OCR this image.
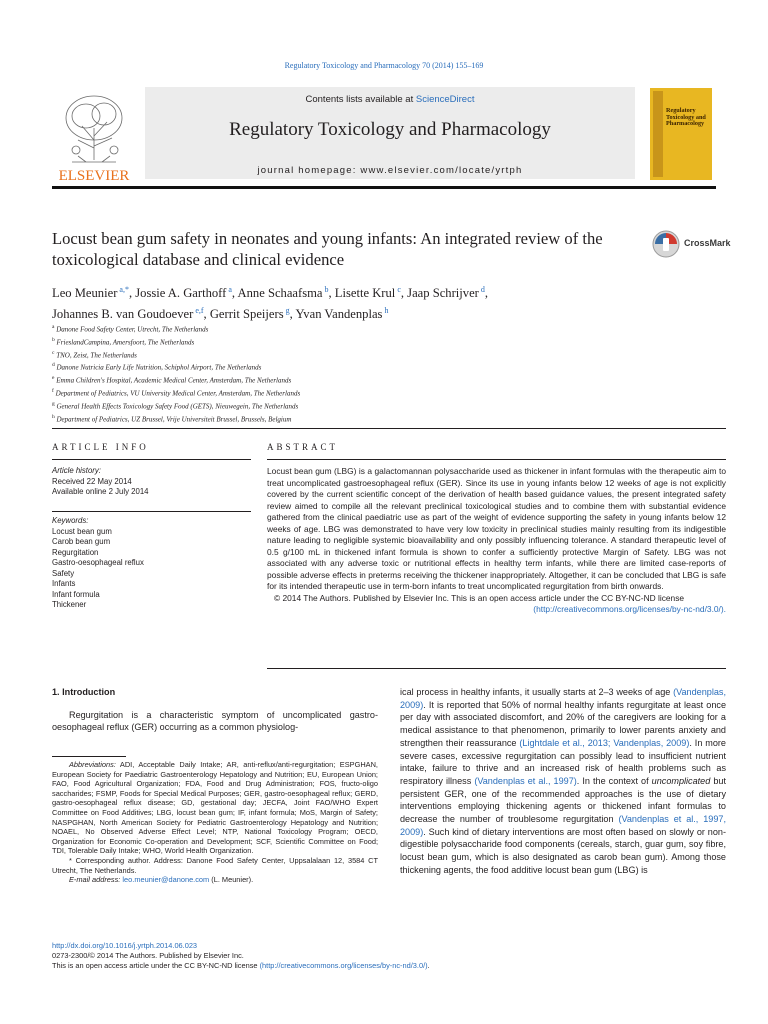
Regulatory Toxicology and Pharmacology 70 (2014) 155–169
ELSEVIER
Contents lists available at ScienceDirect
Regulatory Toxicology and Pharmacology
journal homepage: www.elsevier.com/locate/yrtph
Regulatory
Toxicology and
Pharmacology
Locust bean gum safety in neonates and young infants: An integrated review of the toxicological database and clinical evidence
CrossMark
Leo Meunier $^{a,*}$, Jossie A. Garthoff $^a$, Anne Schaafsma $^b$, Lisette Krul $^c$, Jaap Schrijver $^d$,
Johannes B. van Goudoever $^{e,f}$, Gerrit Speijers $^g$, Yvan Vandenplas $^h$
$^a$ Danone Food Safety Center, Utrecht, The Netherlands
$^b$ FrieslandCampina, Amersfoort, The Netherlands
$^c$ TNO, Zeist, The Netherlands
$^d$ Danone Nutricia Early Life Nutrition, Schiphol Airport, The Netherlands
$^e$ Emma Children's Hospital, Academic Medical Center, Amsterdam, The Netherlands
$^f$ Department of Pediatrics, VU University Medical Center, Amsterdam, The Netherlands
$^g$ General Health Effects Toxicology Safety Food (GETS), Nieuwegein, The Netherlands
$^h$ Department of Pediatrics, UZ Brussel, Vrije Universiteit Brussel, Brussels, Belgium
ARTICLE INFO	ABSTRACT
Article history:
Received 22 May 2014
Available online 2 July 2014
Keywords:
Locust bean gum
Carob bean gum
Regurgitation
Gastro-oesophageal reflux
Safety
Infants
Infant formula
Thickener
Locust bean gum (LBG) is a galactomannan polysaccharide used as thickener in infant formulas with the therapeutic aim to treat uncomplicated gastroesophageal reflux (GER). Since its use in young infants below 12 weeks of age is not explicitly covered by the current scientific concept of the derivation of health based guidance values, the present integrated safety review aimed to compile all the relevant preclinical toxicological studies and to combine them with substantial evidence gathered from the clinical paediatric use as part of the weight of evidence supporting the safety in young infants below 12 weeks of age. LBG was demonstrated to have very low toxicity in preclinical studies mainly resulting from its indigestible nature leading to negligible systemic bioavailability and only possibly influencing tolerance. A standard therapeutic level of 0.5 g/100 mL in thickened infant formula is shown to confer a sufficiently protective Margin of Safety. LBG was not associated with any adverse toxic or nutritional effects in healthy term infants, while there are limited case-reports of possible adverse effects in preterms receiving the thickener inappropriately. Altogether, it can be concluded that LBG is safe for its intended therapeutic use in term-born infants to treat uncomplicated regurgitation from birth onwards.
© 2014 The Authors. Published by Elsevier Inc. This is an open access article under the CC BY-NC-ND license
(http://creativecommons.org/licenses/by-nc-nd/3.0/).
1. Introduction

Regurgitation is a characteristic symptom of uncomplicated gastro-oesophageal reflux (GER) occurring as a common physiolog-

Abbreviations: ADI, Acceptable Daily Intake; AR, anti-reflux/anti-regurgitation; ESPGHAN, European Society for Paediatric Gastroenterology Hepatology and Nutrition; EU, European Union; FAO, Food Agricultural Organization; FDA, Food and Drug Administration; FOS, fructo-oligo saccharides; FSMP, Foods for Special Medical Purposes; GER, gastro-oesophageal reflux; GERD, gastro-oesophageal reflux disease; GD, gestational day; JECFA, Joint FAO/WHO Expert Committee on Food Additives; LBG, locust bean gum; IF, infant formula; MoS, Margin of Safety; NASPGHAN, North American Society for Pediatric Gastroenterology Hepatology and Nutrition; NOAEL, No Observed Adverse Effect Level; NTP, National Toxicology Program; OECD, Organization for Economic Co-operation and Development; SCF, Scientific Committee on Food; TDI, Tolerable Daily Intake; WHO, World Health Organization.

* Corresponding author. Address: Danone Food Safety Center, Uppsalalaan 12, 3584 CT Utrecht, The Netherlands.

E-mail address: leo.meunier@danone.com (L. Meunier).

ical process in healthy infants, it usually starts at 2–3 weeks of age (Vandenplas, 2009). It is reported that 50% of normal healthy infants regurgitate at least once per day with associated discomfort, and 20% of the caregivers are looking for a medical assistance to that phenomenon, primarily to lower parents anxiety and strengthen their reassurance (Lightdale et al., 2013; Vandenplas, 2009). In more severe cases, excessive regurgitation can possibly lead to insufficient nutrient intake, failure to thrive and an increased risk of health problems such as respiratory illness (Vandenplas et al., 1997). In the context of uncomplicated but persistent GER, one of the recommended approaches is the use of dietary interventions employing thickening agents or thickened infant formulas to decrease the number of troublesome regurgitation (Vandenplas et al., 1997, 2009). Such kind of dietary interventions are most often based on slowly or non-digestible polysaccharide food components (cereals, starch, guar gum, soy fibre, locust bean gum, which is also designated as carob bean gum). Among those thickening agents, the food additive locust bean gum (LBG) is

http://dx.doi.org/10.1016/j.yrtph.2014.06.023
0273-2300/© 2014 The Authors. Published by Elsevier Inc.
This is an open access article under the CC BY-NC-ND license (http://creativecommons.org/licenses/by-nc-nd/3.0/).
